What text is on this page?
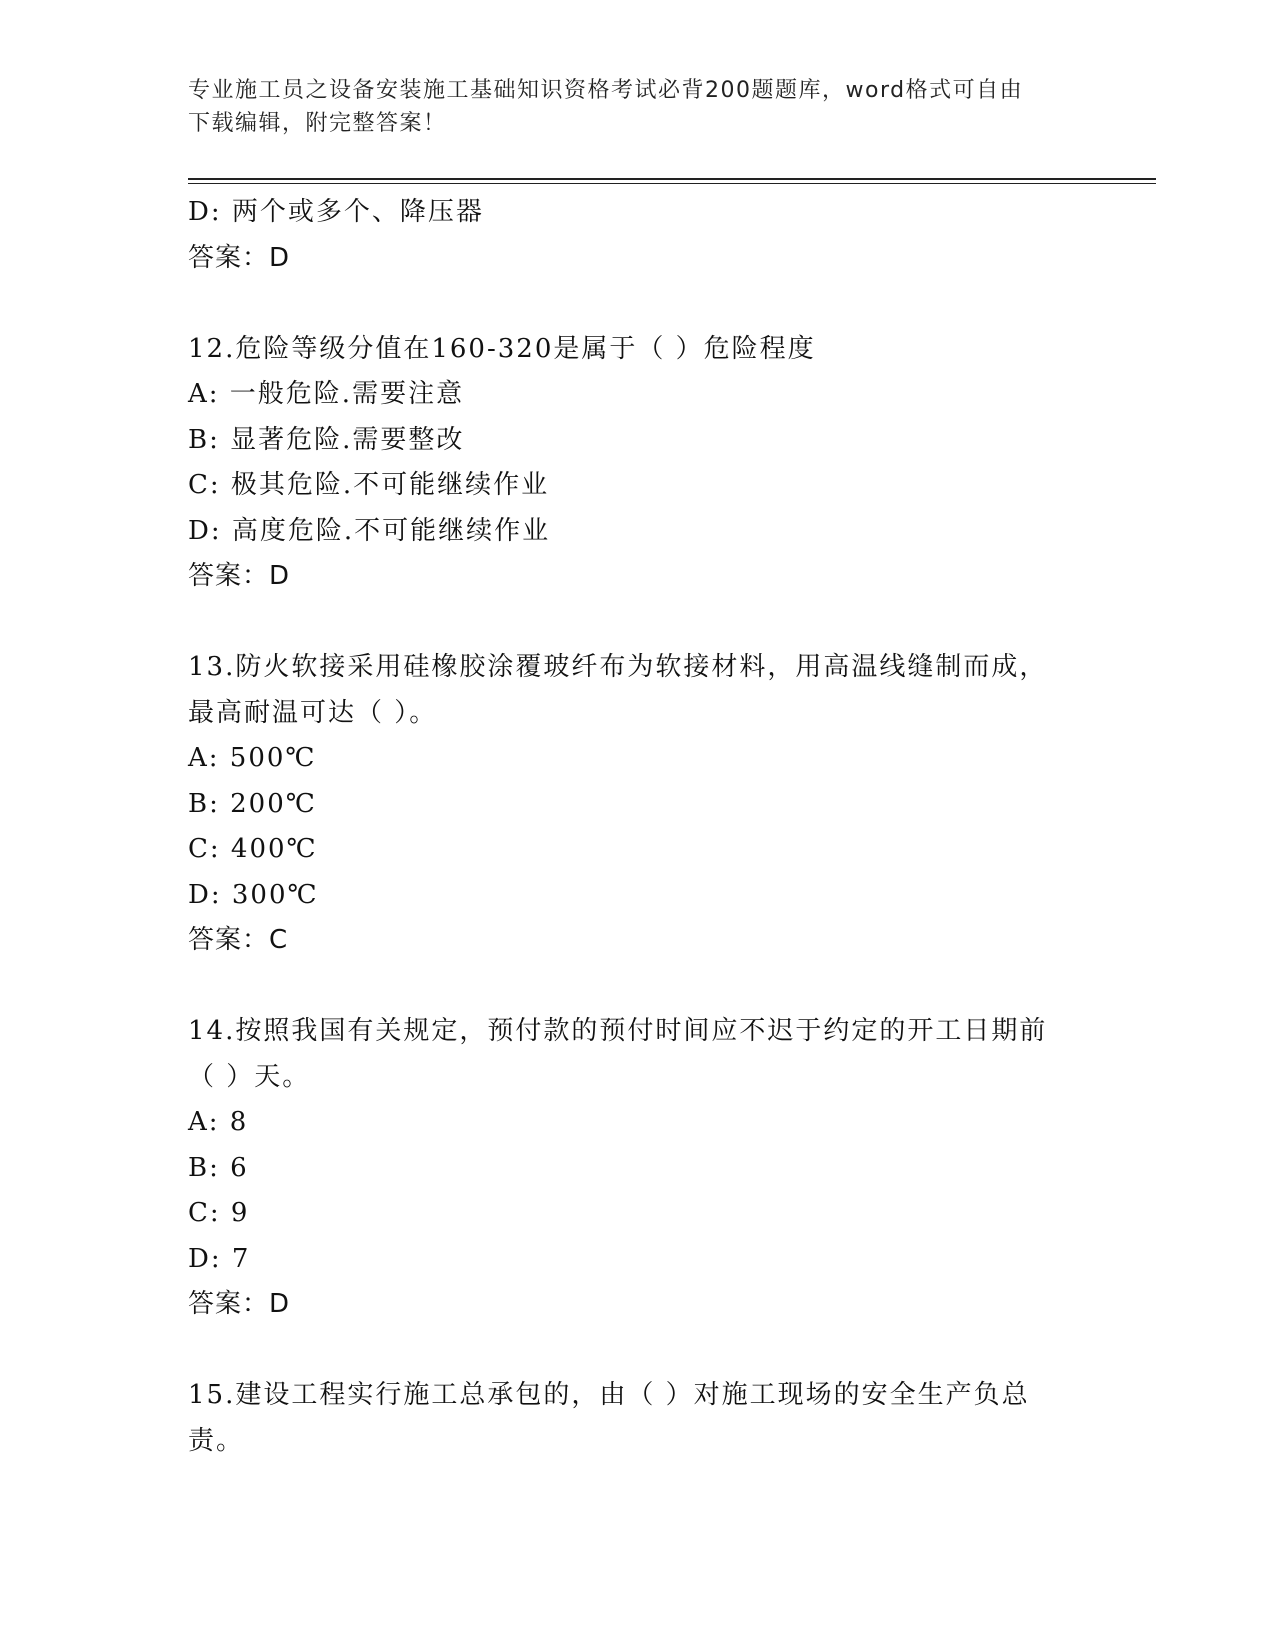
专业施工员之设备安装施工基础知识资格考试必背200题题库，word格式可自由
下载编辑，附完整答案！
D: 两个或多个、降压器
答案：D
12.危险等级分值在160-320是属于（ ）危险程度
A: 一般危险.需要注意
B: 显著危险.需要整改
C: 极其危险.不可能继续作业
D: 高度危险.不可能继续作业
答案：D
13.防火软接采用硅橡胶涂覆玻纤布为软接材料，用高温线缝制而成，
最高耐温可达（ ）。
A: 500℃
B: 200℃
C: 400℃
D: 300℃
答案：C
14.按照我国有关规定，预付款的预付时间应不迟于约定的开工日期前
（ ）天。
A: 8
B: 6
C: 9
D: 7
答案：D
15.建设工程实行施工总承包的，由（ ）对施工现场的安全生产负总
责。
